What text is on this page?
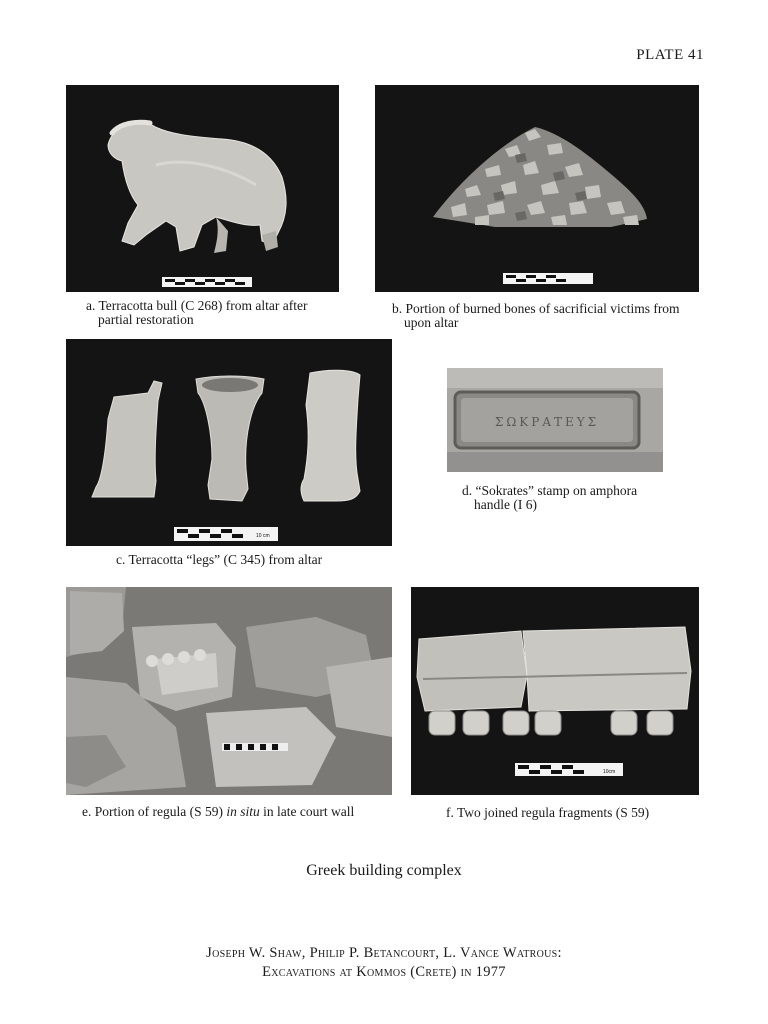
PLATE 41
a. Terracotta bull (C 268) from altar after
partial restoration
b. Portion of burned bones of sacrificial victims from
upon altar
10 cm
c. Terracotta “legs” (C 345) from altar
ΣΩΚΡΑΤΕΥΣ
d. “Sokrates” stamp on amphora
handle (I 6)
e. Portion of regula (S 59) in situ in late court wall
10cm
f. Two joined regula fragments (S 59)
Greek building complex
Joseph W. Shaw, Philip P. Betancourt, L. Vance Watrous:
Excavations at Kommos (Crete) in 1977
